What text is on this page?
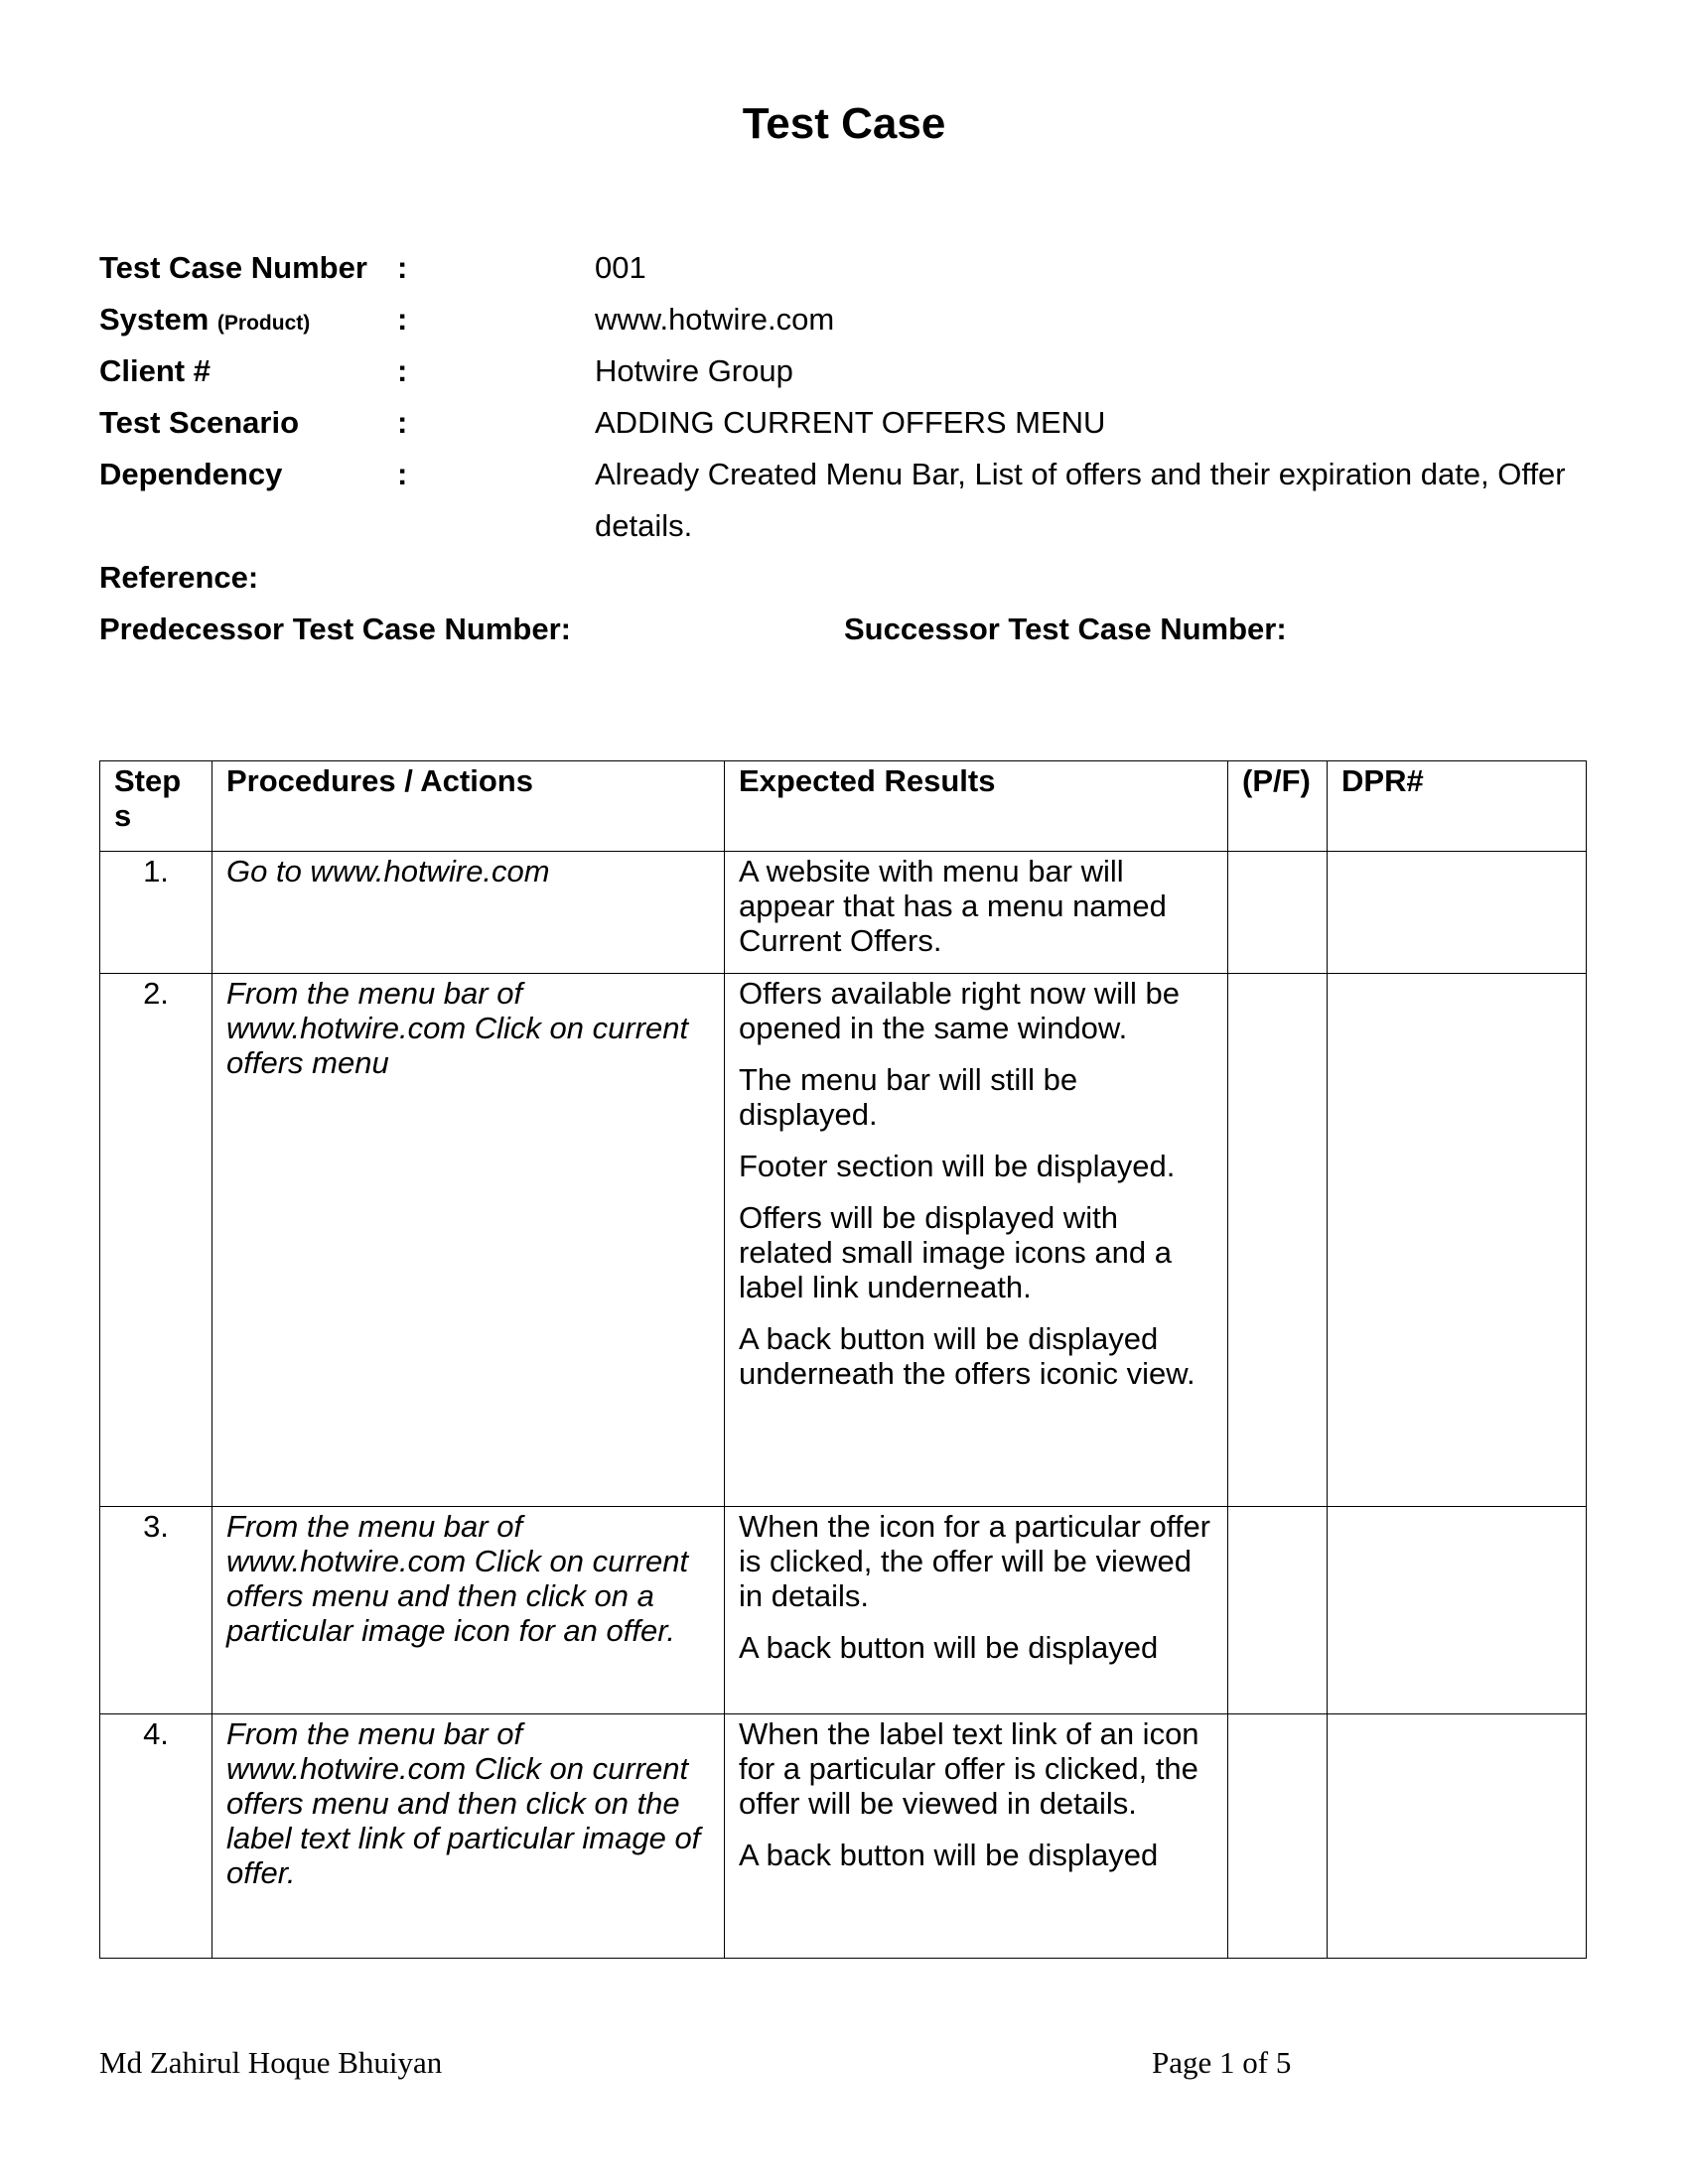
Test Case
Test Case Number :	001
System (Product)	:	www.hotwire.com
Client #	:	Hotwire Group
Test Scenario	:	ADDING CURRENT OFFERS MENU
Dependency	:	Already Created Menu Bar, List of offers and their expiration date, Offer details.
Reference:
Predecessor Test Case Number:	Successor Test Case Number:
Step s	Procedures / Actions	Expected Results	(P/F)	DPR#
1.	Go to www.hotwire.com	A website with menu bar will appear that has a menu named Current Offers.		

2.	From the menu bar of www.hotwire.com Click on current offers menu	Offers available right now will be opened in the same window.

The menu bar will still be displayed.

Footer section will be displayed.

Offers will be displayed with related small image icons and a label link underneath.

A back button will be displayed underneath the offers iconic view.		

3.	From the menu bar of www.hotwire.com Click on current offers menu and then click on a particular image icon for an offer.	When the icon for a particular offer is clicked, the offer will be viewed in details.

A back button will be displayed		

4.	From the menu bar of www.hotwire.com Click on current offers menu and then click on the label text link of particular image of offer.	When the label text link of an icon for a particular offer is clicked, the offer will be viewed in details.

A back button will be displayed		

Md Zahirul Hoque Bhuiyan	Page 1 of 5
